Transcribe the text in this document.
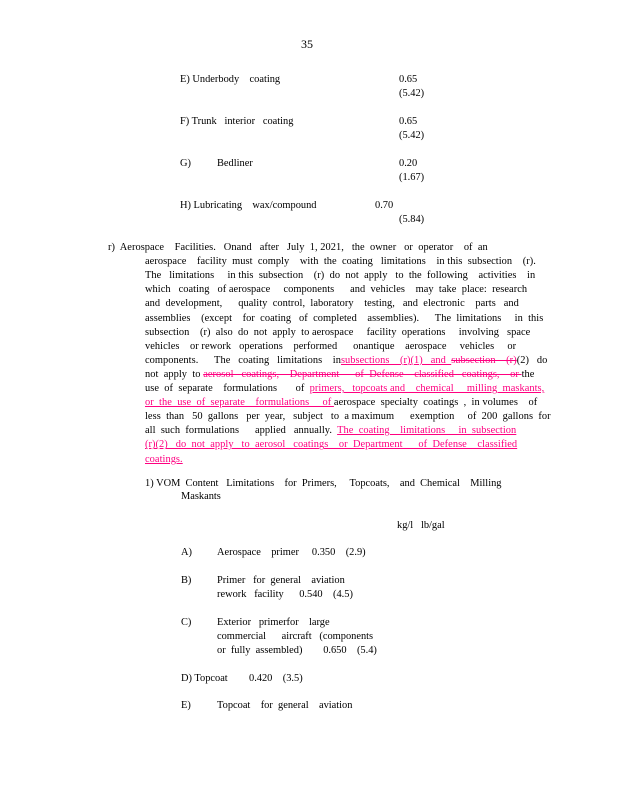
35
E) Underbody    coating	0.65
(5.42)
F) Trunk   interior   coating	0.65
(5.42)
G)	Bedliner	0.20
(1.67)
H) Lubricating    wax/compound	0.70
(5.84)
r)  Aerospace    Facilities.   Onand   after   July  1, 2021,   the  owner   or  operator    of  an
aerospace    facility  must  comply    with  the  coating   limitations    in this  subsection    (r).
The   limitations     in this  subsection    (r)  do  not  apply   to  the  following    activities    in
which   coating   of aerospace     components      and  vehicles    may  take  place:  research
and  development,      quality  control,  laboratory    testing,   and  electronic    parts   and
assemblies    (except    for  coating   of  completed    assemblies).      The  limitations     in  this
subsection    (r)  also  do  not  apply  to aerospace     facility  operations     involving   space
vehicles    or rework   operations    performed      onantique    aerospace     vehicles     or
components.      The   coating   limitations    insubsections    (r)(1)   and  subsection    (r)(2)   do
not  apply  to aerosol   coatings,    Department      of  Defense    classified   coatings,    or the
use  of  separate    formulations       of  primers,   topcoats and    chemical     milling  maskants,
or  the  use  of  separate    formulations     of aerospace  specialty  coatings  ,  in volumes    of
less  than   50  gallons   per  year,   subject   to  a maximum      exemption     of  200  gallons  for
all  such  formulations      applied   annually.  The  coating    limitations     in  subsection
(r)(2)   do  not  apply   to  aerosol   coatings    or  Department      of  Defense    classified
coatings.
1) VOM  Content   Limitations    for  Primers,     Topcoats,    and  Chemical    Milling
Maskants
kg/l   lb/gal
A) Aerospace    primer     0.350    (2.9)
B) Primer   for  general    aviation
rework   facility      0.540    (4.5)
C) Exterior   primerfor    large
commercial      aircraft   (components
or  fully  assembled)        0.650    (5.4)
D) Topcoat 0.420    (3.5)
E)	Topcoat    for  general    aviation
